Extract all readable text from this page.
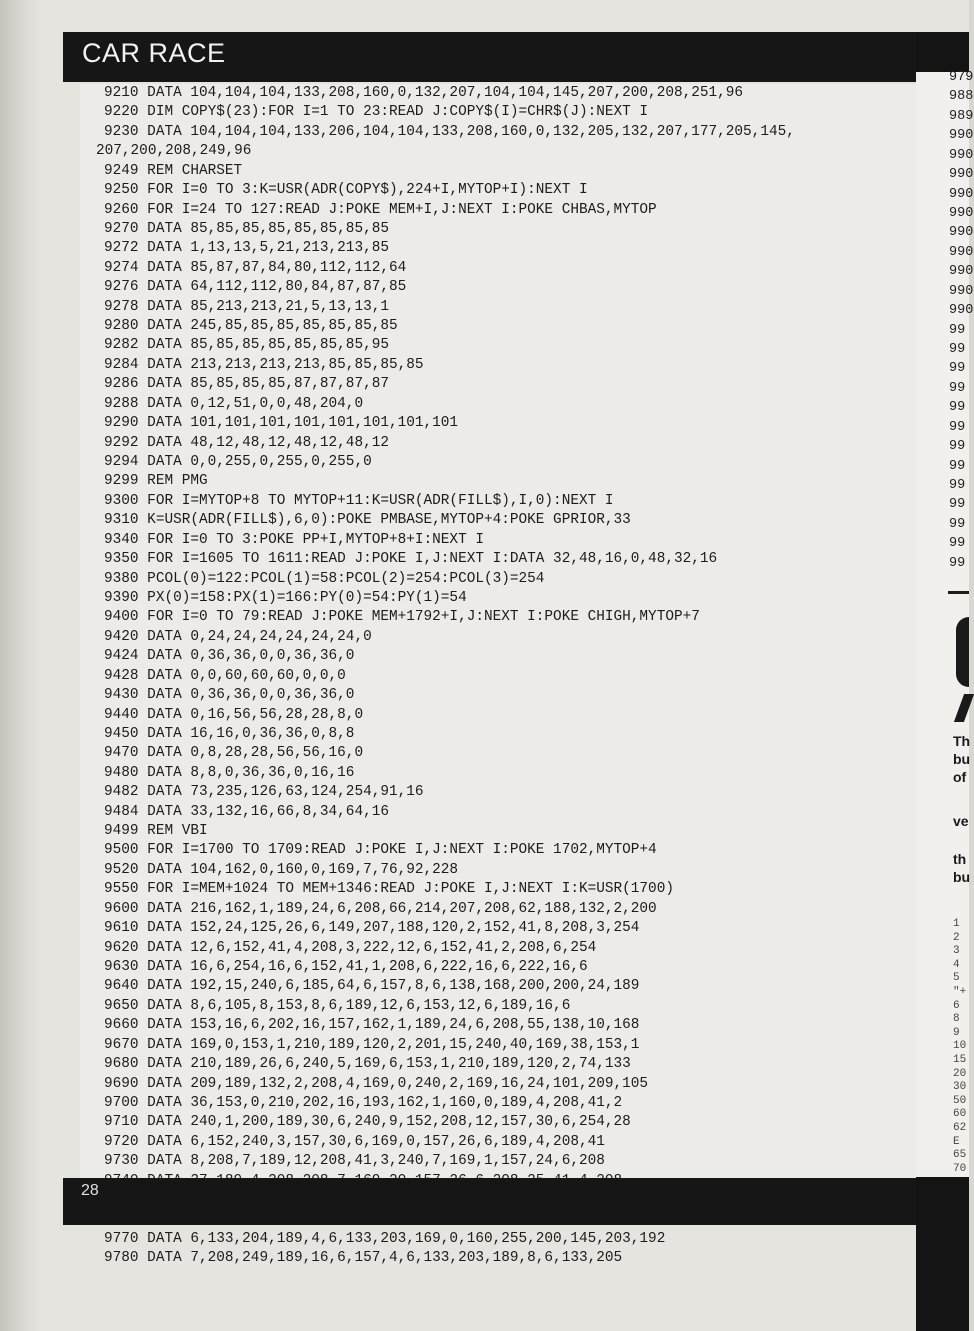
CAR RACE
9210 DATA 104,104,104,133,208,160,0,132,207,104,104,145,207,200,208,251,96
9220 DIM COPY$(23):FOR I=1 TO 23:READ J:COPY$(I)=CHR$(J):NEXT I
9230 DATA 104,104,104,133,206,104,104,133,208,160,0,132,205,132,207,177,205,145,
207,200,208,249,96
9249 REM CHARSET
9250 FOR I=0 TO 3:K=USR(ADR(COPY$),224+I,MYTOP+I):NEXT I
9260 FOR I=24 TO 127:READ J:POKE MEM+I,J:NEXT I:POKE CHBAS,MYTOP
9270 DATA 85,85,85,85,85,85,85,85
9272 DATA 1,13,13,5,21,213,213,85
9274 DATA 85,87,87,84,80,112,112,64
9276 DATA 64,112,112,80,84,87,87,85
9278 DATA 85,213,213,21,5,13,13,1
9280 DATA 245,85,85,85,85,85,85,85
9282 DATA 85,85,85,85,85,85,85,95
9284 DATA 213,213,213,213,85,85,85,85
9286 DATA 85,85,85,85,87,87,87,87
9288 DATA 0,12,51,0,0,48,204,0
9290 DATA 101,101,101,101,101,101,101,101
9292 DATA 48,12,48,12,48,12,48,12
9294 DATA 0,0,255,0,255,0,255,0
9299 REM PMG
9300 FOR I=MYTOP+8 TO MYTOP+11:K=USR(ADR(FILL$),I,0):NEXT I
9310 K=USR(ADR(FILL$),6,0):POKE PMBASE,MYTOP+4:POKE GPRIOR,33
9340 FOR I=0 TO 3:POKE PP+I,MYTOP+8+I:NEXT I
9350 FOR I=1605 TO 1611:READ J:POKE I,J:NEXT I:DATA 32,48,16,0,48,32,16
9380 PCOL(0)=122:PCOL(1)=58:PCOL(2)=254:PCOL(3)=254
9390 PX(0)=158:PX(1)=166:PY(0)=54:PY(1)=54
9400 FOR I=0 TO 79:READ J:POKE MEM+1792+I,J:NEXT I:POKE CHIGH,MYTOP+7
9420 DATA 0,24,24,24,24,24,24,0
9424 DATA 0,36,36,0,0,36,36,0
9428 DATA 0,0,60,60,60,0,0,0
9430 DATA 0,36,36,0,0,36,36,0
9440 DATA 0,16,56,56,28,28,8,0
9450 DATA 16,16,0,36,36,0,8,8
9470 DATA 0,8,28,28,56,56,16,0
9480 DATA 8,8,0,36,36,0,16,16
9482 DATA 73,235,126,63,124,254,91,16
9484 DATA 33,132,16,66,8,34,64,16
9499 REM VBI
9500 FOR I=1700 TO 1709:READ J:POKE I,J:NEXT I:POKE 1702,MYTOP+4
9520 DATA 104,162,0,160,0,169,7,76,92,228
9550 FOR I=MEM+1024 TO MEM+1346:READ J:POKE I,J:NEXT I:K=USR(1700)
9600 DATA 216,162,1,189,24,6,208,66,214,207,208,62,188,132,2,200
9610 DATA 152,24,125,26,6,149,207,188,120,2,152,41,8,208,3,254
9620 DATA 12,6,152,41,4,208,3,222,12,6,152,41,2,208,6,254
9630 DATA 16,6,254,16,6,152,41,1,208,6,222,16,6,222,16,6
9640 DATA 192,15,240,6,185,64,6,157,8,6,138,168,200,200,24,189
9650 DATA 8,6,105,8,153,8,6,189,12,6,153,12,6,189,16,6
9660 DATA 153,16,6,202,16,157,162,1,189,24,6,208,55,138,10,168
9670 DATA 169,0,153,1,210,189,120,2,201,15,240,40,169,38,153,1
9680 DATA 210,189,26,6,240,5,169,6,153,1,210,189,120,2,74,133
9690 DATA 209,189,132,2,208,4,169,0,240,2,169,16,24,101,209,105
9700 DATA 36,153,0,210,202,16,193,162,1,160,0,189,4,208,41,2
9710 DATA 240,1,200,189,30,6,240,9,152,208,12,157,30,6,254,28
9720 DATA 6,152,240,3,157,30,6,169,0,157,26,6,189,4,208,41
9730 DATA 8,208,7,189,12,208,41,3,240,7,169,1,157,24,6,208
9770 DATA 6,133,204,189,4,6,133,203,169,0,160,255,200,145,203,192
9780 DATA 7,208,249,189,16,6,157,4,6,133,203,189,8,6,133,205
28
979
988
989
990
990
990
990
990
990
990
990
990
990
99
99
99
99
99
99
99
99
99
99
99
99
99
Th
bu
of
ve
th
bu
1
2
3
4
5
"+
6
8
9
10
15
20
30
50
60
62
E
65
70
